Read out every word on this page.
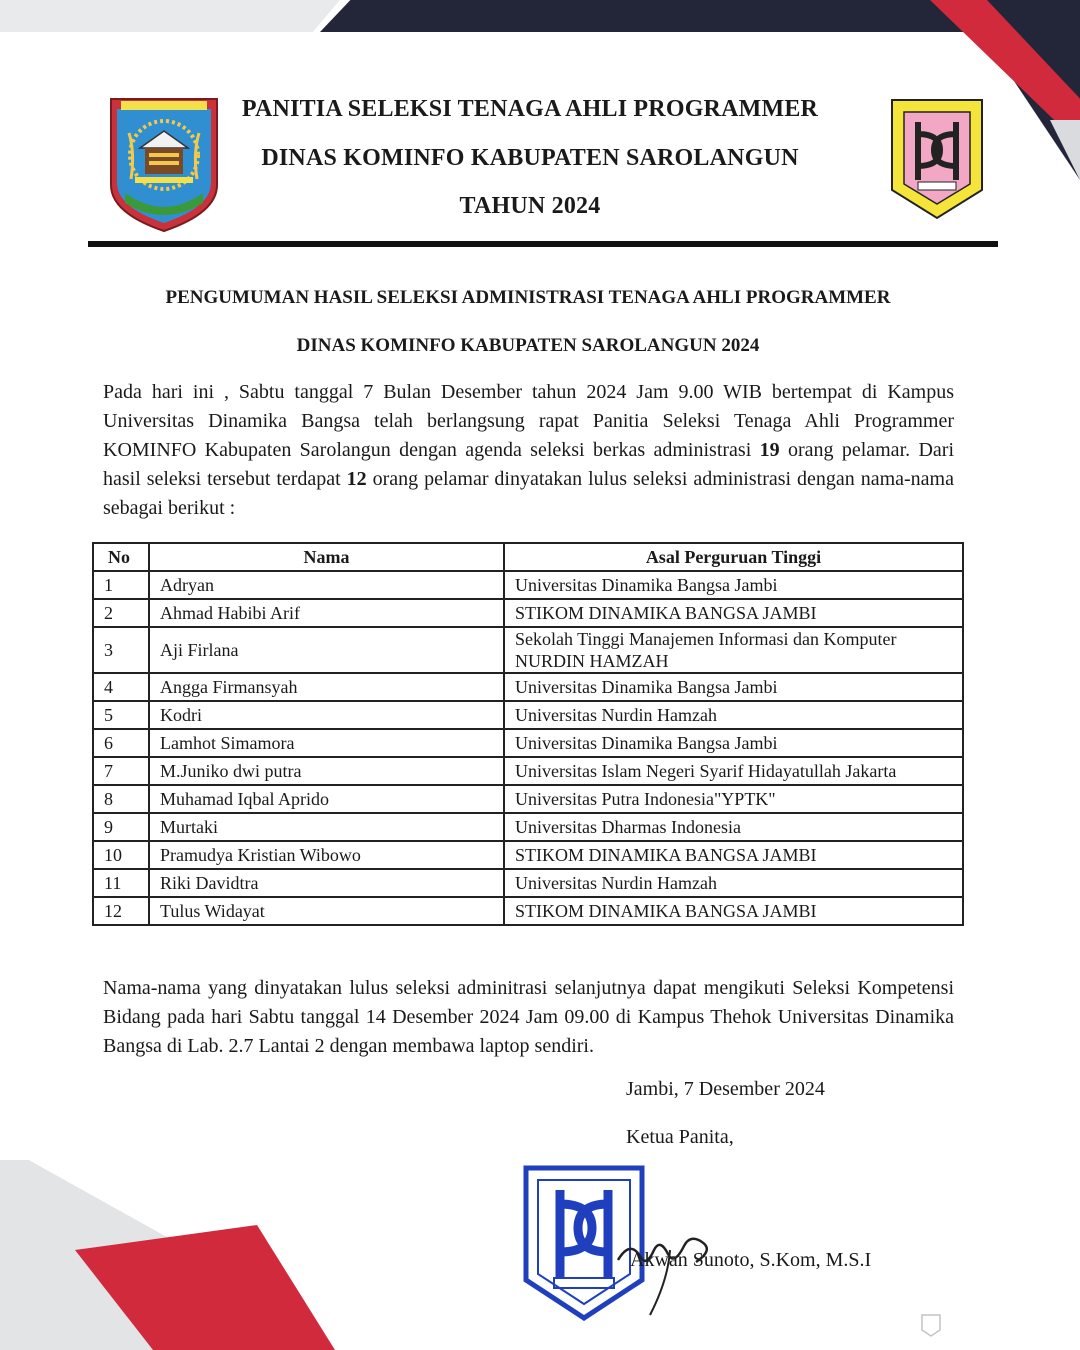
PANITIA SELEKSI TENAGA AHLI PROGRAMMER
DINAS KOMINFO KABUPATEN SAROLANGUN
TAHUN 2024
PENGUMUMAN HASIL SELEKSI ADMINISTRASI TENAGA AHLI PROGRAMMER
DINAS KOMINFO KABUPATEN SAROLANGUN 2024

Pada hari ini , Sabtu tanggal 7 Bulan Desember tahun 2024 Jam 9.00 WIB bertempat di Kampus Universitas Dinamika Bangsa telah berlangsung rapat Panitia Seleksi Tenaga Ahli Programmer KOMINFO Kabupaten Sarolangun dengan agenda seleksi berkas administrasi 19 orang pelamar. Dari hasil seleksi tersebut terdapat 12 orang pelamar dinyatakan lulus seleksi administrasi dengan nama-nama sebagai berikut :

No	Nama	Asal Perguruan Tinggi
1	Adryan	Universitas Dinamika Bangsa Jambi
2	Ahmad Habibi Arif	STIKOM DINAMIKA BANGSA JAMBI
3	Aji Firlana	Sekolah Tinggi Manajemen Informasi dan Komputer NURDIN HAMZAH
4	Angga Firmansyah	Universitas Dinamika Bangsa Jambi
5	Kodri	Universitas Nurdin Hamzah
6	Lamhot Simamora	Universitas Dinamika Bangsa Jambi
7	M.Juniko dwi putra	Universitas Islam Negeri Syarif Hidayatullah Jakarta
8	Muhamad Iqbal Aprido	Universitas Putra Indonesia"YPTK"
9	Murtaki	Universitas Dharmas Indonesia
10	Pramudya Kristian Wibowo	STIKOM DINAMIKA BANGSA JAMBI
11	Riki Davidtra	Universitas Nurdin Hamzah
12	Tulus Widayat	STIKOM DINAMIKA BANGSA JAMBI

Nama-nama yang dinyatakan lulus seleksi adminitrasi selanjutnya dapat mengikuti Seleksi Kompetensi Bidang pada hari Sabtu tanggal 14 Desember 2024 Jam 09.00 di Kampus Thehok Universitas Dinamika Bangsa di Lab. 2.7 Lantai 2 dengan membawa laptop sendiri.

Jambi, 7 Desember 2024
Ketua Panita,
Akwan Sunoto, S.Kom, M.S.I
